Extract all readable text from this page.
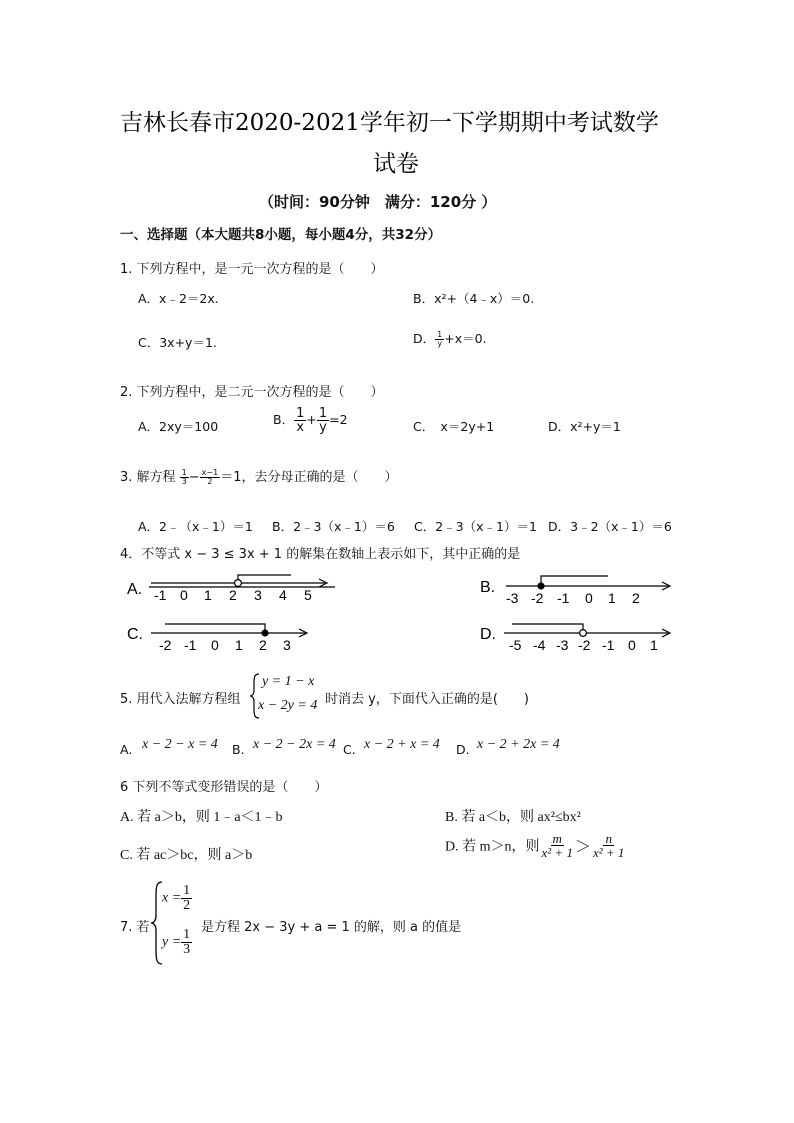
吉林长春市2020-2021学年初一下学期期中考试数学
试卷
（时间：90分钟　满分：120分 ）
一、选择题（本大题共8小题，每小题4分，共32分）
1. 下列方程中，是一元一次方程的是（　　）
A．x﹣2＝2x.	B．x²+（4﹣x）＝0.
C．3x+y＝1.	D． $\frac{1}{y} +x=0$.
2. 下列方程中，是二元一次方程的是（　　）
A．2xy＝100	B． $\frac{1}{x} + \frac{1}{y} =2$	C．　x＝2y+1	D．x²+y＝1
3. 解方程 $\frac{1}{3} - \frac{x-1}{2} =1$，去分母正确的是（　　）
A．2﹣（x﹣1）＝1 B．2﹣3（x﹣1）＝6 C．2﹣3（x﹣1）＝1 D．3﹣2（x﹣1）＝6
4．不等式 x − 3 ≤ 3x + 1 的解集在数轴上表示如下，其中正确的是
A. -1 0 1 2 3 4 5	B.
-3 -2 -1 0 1 2
C.
-2 -1 0 1 2 3
D.
-5 -4 -3 -2 -1 0 1
5. 用代入法解方程组
y = 1 − x
x − 2y = 4 时消去 y，下面代入正确的是(　　)
A. x − 2 − x = 4 B. x − 2 − 2x = 4 C. x − 2 + x = 4 D. x − 2 + 2x = 4
6 下列不等式变形错误的是（　　）
A. 若 a＞b，则 1﹣a＜1﹣b	B. 若 a＜b，则 ax²≤bx²
C. 若 ac＞bc，则 a＞b
D. 若 m＞n，则 $\frac{m}{\text{x² + 1}} > \frac{n}{\text{x² + 1}}$
7. 若
$x = \frac{1}{2}$
$y = \frac{1}{3}$
是方程 2x − 3y + a = 1 的解，则 a 的值是
